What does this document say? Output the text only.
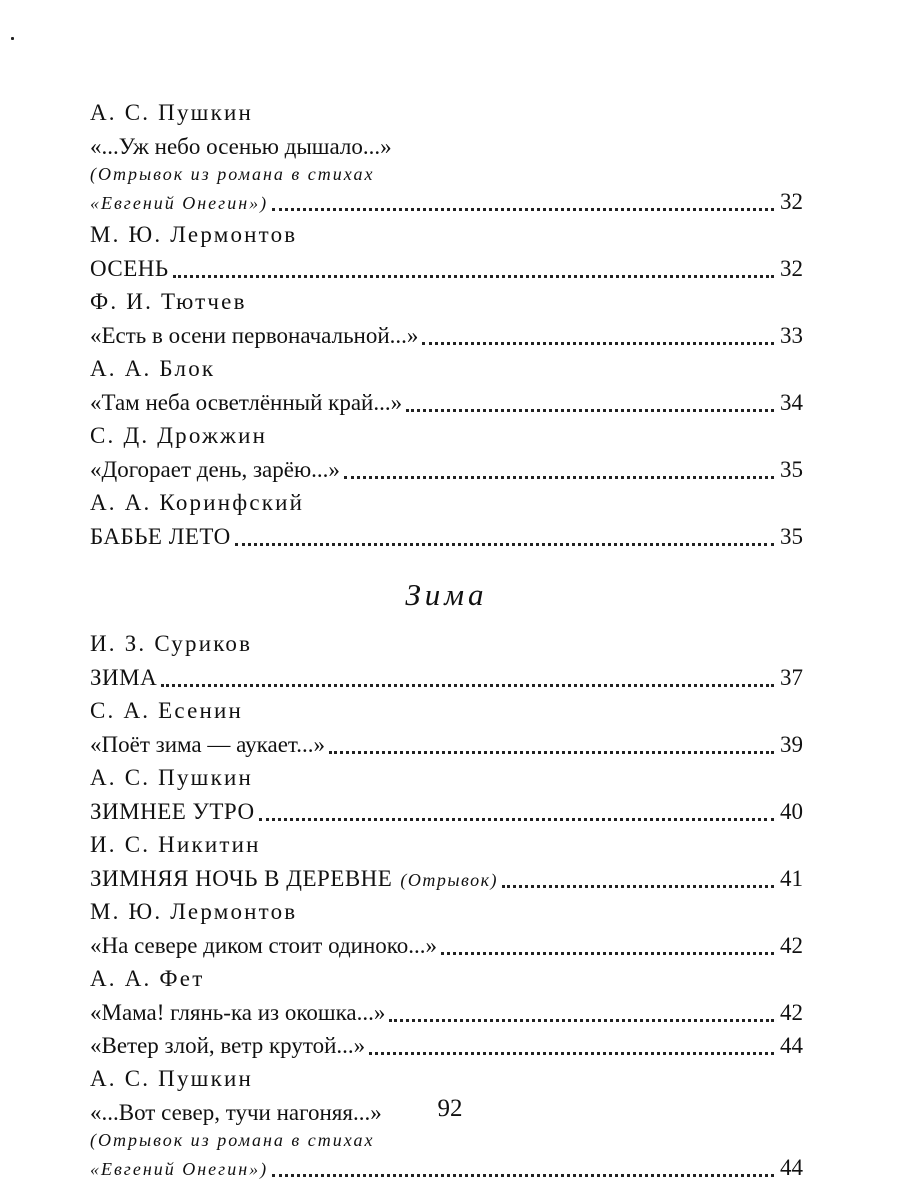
А. С. Пушкин
«...Уж небо осенью дышало...»
(Отрывок из романа в стихах
«Евгений Онегин»)	32
М. Ю. Лермонтов
ОСЕНЬ	32
Ф. И. Тютчев
«Есть в осени первоначальной...»	33
А. А. Блок
«Там неба осветлённый край...»	34
С. Д. Дрожжин
«Догорает день, зарёю...»	35
А. А. Коринфский
БАБЬЕ ЛЕТО	35
Зима
И. З. Суриков
ЗИМА	37
С. А. Есенин
«Поёт зима — аукает...»	39
А. С. Пушкин
ЗИМНЕЕ УТРО	40
И. С. Никитин
ЗИМНЯЯ НОЧЬ В ДЕРЕВНЕ (Отрывок)	41
М. Ю. Лермонтов
«На севере диком стоит одиноко...»	42
А. А. Фет
«Мама! глянь-ка из окошка...»	42
«Ветер злой, ветр крутой...»	44
А. С. Пушкин
«...Вот север, тучи нагоняя...»
(Отрывок из романа в стихах
«Евгений Онегин»)	44
92
